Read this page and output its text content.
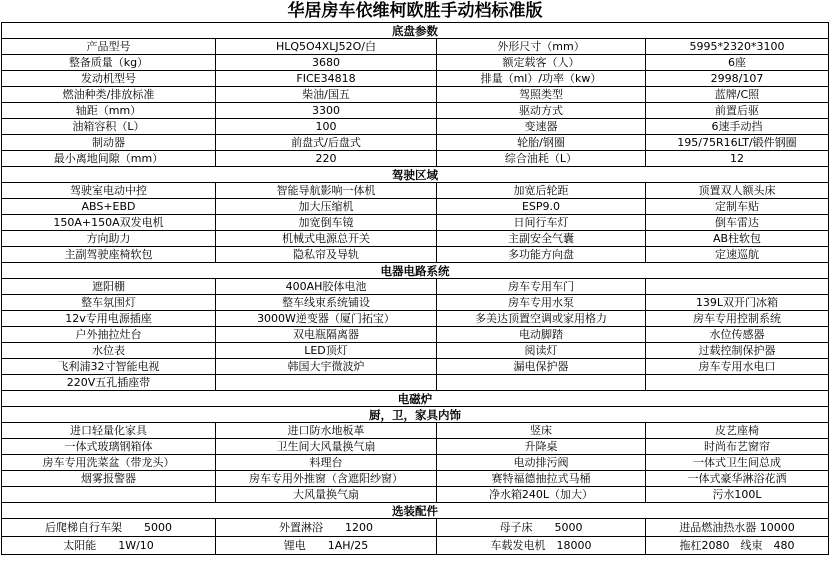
华居房车依维柯欧胜手动档标准版
底盘参数			
产品型号	HLQ5O4XLJ52O/白	外形尺寸（mm）	5995*2320*3100
整备质量（kg）	3680	额定载客（人）	6座
发动机型号	FICE34818	排量（ml）/功率（kw）	2998/107
燃油种类/排放标准	柴油/国五	驾照类型	蓝牌/C照
轴距（mm）	3300	驱动方式	前置后驱
油箱容积（L）	100	变速器	6速手动挡
制动器	前盘式/后盘式	轮胎/钢圈	195/75R16LT/锻件钢圈
最小离地间隙（mm）	220	综合油耗（L）	12
驾驶区域			
驾驶室电动中控	智能导航影响一体机	加宽后轮距	顶置双人额头床
ABS+EBD	加大压缩机	ESP9.0	定制车贴
150A+150A双发电机	加宽倒车镜	日间行车灯	倒车雷达
方向助力	机械式电源总开关	主副安全气囊	AB柱软包
主副驾驶座椅软包	隐私帘及导轨	多功能方向盘	定速巡航
电器电路系统			
遮阳棚	400AH胶体电池	房车专用车门	
整车氛围灯	整车线束系统铺设	房车专用水泵	139L双开门冰箱
12v专用电源插座	3000W逆变器（厦门拓宝）	多美达顶置空调或家用格力	房车专用控制系统
户外抽拉灶台	双电瓶隔离器	电动脚踏	水位传感器
水位表	LED顶灯	阅读灯	过载控制保护器
飞利浦32寸智能电视	韩国大宇微波炉	漏电保护器	房车专用水电口
220V五孔插座带			
电磁炉			
厨，卫，家具内饰			
进口轻量化家具	进口防水地板革	竖床	皮艺座椅
一体式玻璃钢箱体	卫生间大风量换气扇	升降桌	时尚布艺窗帘
房车专用洗菜盆（带龙头）	料理台	电动排污阀	一体式卫生间总成
烟雾报警器	房车专用外推窗（含遮阳纱窗）	赛特福德抽拉式马桶	一体式豪华淋浴花洒
	大风量换气扇	净水箱240L（加大）	污水100L
选装配件			
后爬梯自行车架　　5000	外置淋浴　　1200	母子床　　5000	进品燃油热水器 10000
太阳能　　1W/10	锂电　　1AH/25	车载发电机　18000	拖杠2080　线束　480
